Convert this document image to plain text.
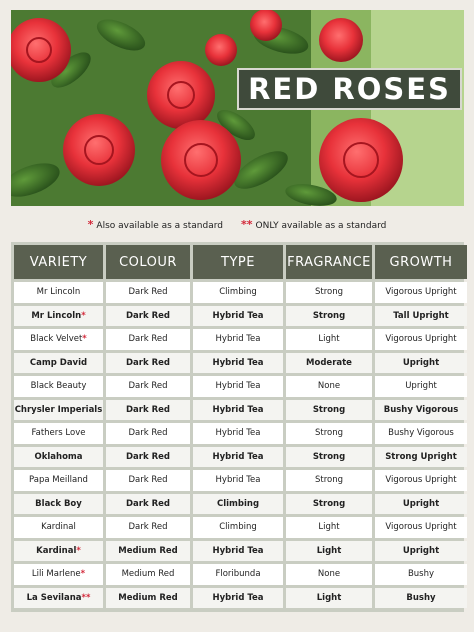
RED ROSES
* Also available as a standard ** ONLY available as a standard
VARIETY	COLOUR	TYPE	FRAGRANCE	GROWTH
Mr Lincoln	Dark Red	Climbing	Strong	Vigorous Upright
Mr Lincoln*	Dark Red	Hybrid Tea	Strong	Tall Upright
Black Velvet*	Dark Red	Hybrid Tea	Light	Vigorous Upright
Camp David	Dark Red	Hybrid Tea	Moderate	Upright
Black Beauty	Dark Red	Hybrid Tea	None	Upright
Chrysler Imperials	Dark Red	Hybrid Tea	Strong	Bushy Vigorous
Fathers Love	Dark Red	Hybrid Tea	Strong	Bushy Vigorous
Oklahoma	Dark Red	Hybrid Tea	Strong	Strong Upright
Papa Meilland	Dark Red	Hybrid Tea	Strong	Vigorous Upright
Black Boy	Dark Red	Climbing	Strong	Upright
Kardinal	Dark Red	Climbing	Light	Vigorous Upright
Kardinal*	Medium Red	Hybrid Tea	Light	Upright
Lili Marlene*	Medium Red	Floribunda	None	Bushy
La Sevilana**	Medium Red	Hybrid Tea	Light	Bushy
